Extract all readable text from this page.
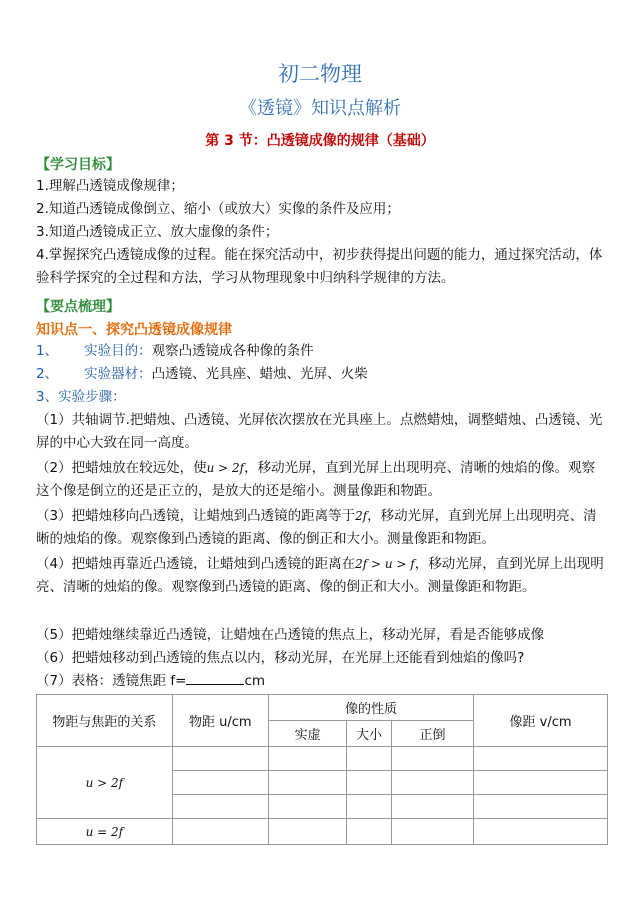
初二物理
《透镜》知识点解析
第 3 节：凸透镜成像的规律（基础）
【学习目标】
1.理解凸透镜成像规律；
2.知道凸透镜成像倒立、缩小（或放大）实像的条件及应用；
3.知道凸透镜成正立、放大虚像的条件；
4.掌握探究凸透镜成像的过程。能在探究活动中，初步获得提出问题的能力，通过探究活动，体验科学探究的全过程和方法，学习从物理现象中归纳科学规律的方法。
【要点梳理】
知识点一、探究凸透镜成像规律
1、 实验目的：观察凸透镜成各种像的条件
2、 实验器材：凸透镜、光具座、蜡烛、光屏、火柴
3、实验步骤：
（1）共轴调节.把蜡烛、凸透镜、光屏依次摆放在光具座上。点燃蜡烛，调整蜡烛、凸透镜、光屏的中心大致在同一高度。
（2）把蜡烛放在较远处，使u > 2f，移动光屏，直到光屏上出现明亮、清晰的烛焰的像。观察这个像是倒立的还是正立的，是放大的还是缩小。测量像距和物距。
（3）把蜡烛移向凸透镜，让蜡烛到凸透镜的距离等于2f，移动光屏，直到光屏上出现明亮、清晰的烛焰的像。观察像到凸透镜的距离、像的倒正和大小。测量像距和物距。
（4）把蜡烛再靠近凸透镜，让蜡烛到凸透镜的距离在2f > u > f，移动光屏，直到光屏上出现明亮、清晰的烛焰的像。观察像到凸透镜的距离、像的倒正和大小。测量像距和物距。
（5）把蜡烛继续靠近凸透镜，让蜡烛在凸透镜的焦点上，移动光屏，看是否能够成像
（6）把蜡烛移动到凸透镜的焦点以内，移动光屏，在光屏上还能看到烛焰的像吗?
（7）表格：透镜焦距 f=	cm
物距与焦距的关系	物距 u/cm	像的性质			像距 v/cm
		实虚	大小	正倒	
u > 2f					

u = 2f					
